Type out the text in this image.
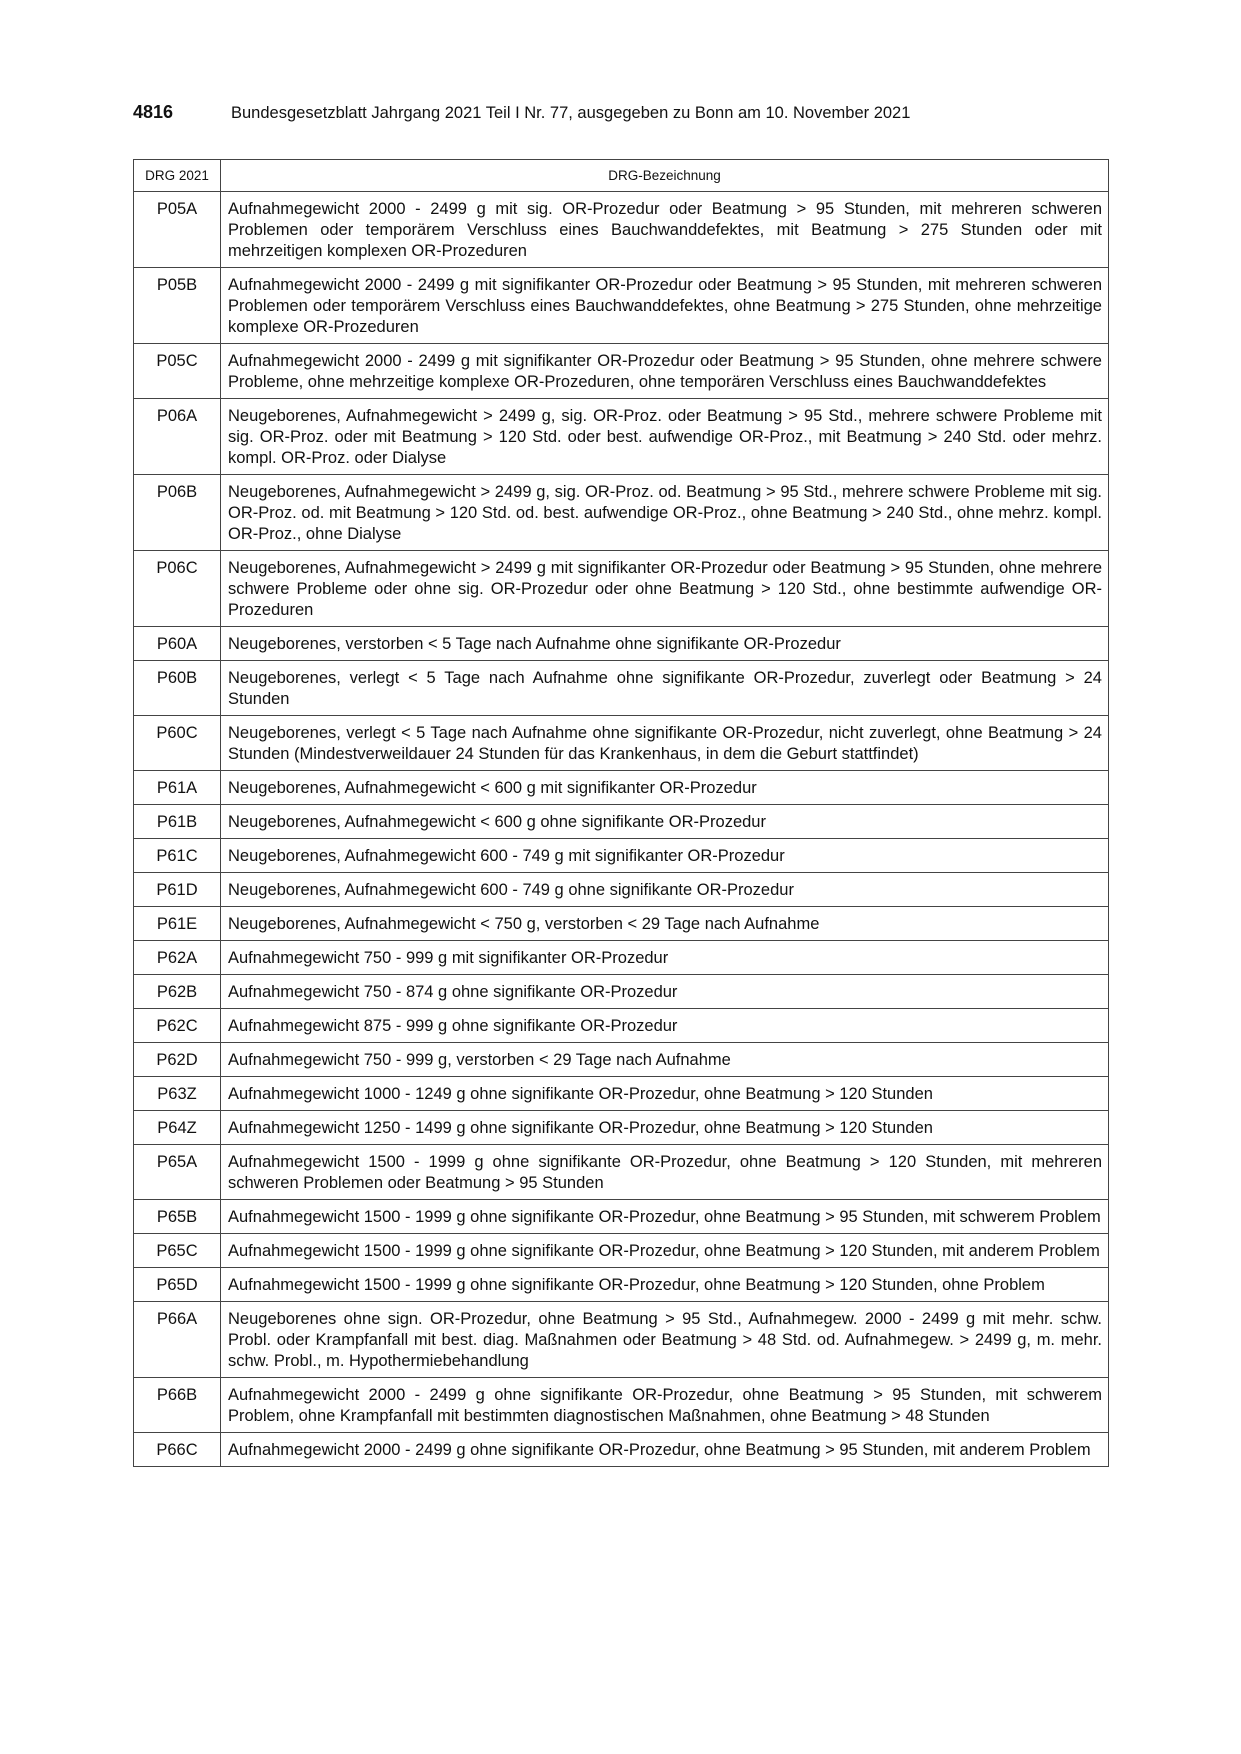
4816	Bundesgesetzblatt Jahrgang 2021 Teil I Nr. 77, ausgegeben zu Bonn am 10. November 2021
DRG 2021	DRG-Bezeichnung
P05A	Aufnahmegewicht 2000 - 2499 g mit sig. OR-Prozedur oder Beatmung > 95 Stunden, mit mehreren schweren Problemen oder temporärem Verschluss eines Bauchwanddefektes, mit Beatmung > 275 Stunden oder mit mehrzeitigen komplexen OR-Prozeduren
P05B	Aufnahmegewicht 2000 - 2499 g mit signifikanter OR-Prozedur oder Beatmung > 95 Stunden, mit mehreren schweren Problemen oder temporärem Verschluss eines Bauchwanddefektes, ohne Beatmung > 275 Stunden, ohne mehrzeitige komplexe OR-Prozeduren
P05C	Aufnahmegewicht 2000 - 2499 g mit signifikanter OR-Prozedur oder Beatmung > 95 Stunden, ohne mehrere schwere Probleme, ohne mehrzeitige komplexe OR-Prozeduren, ohne temporären Verschluss eines Bauchwanddefektes
P06A	Neugeborenes, Aufnahmegewicht > 2499 g, sig. OR-Proz. oder Beatmung > 95 Std., mehrere schwere Probleme mit sig. OR-Proz. oder mit Beatmung > 120 Std. oder best. aufwendige OR-Proz., mit Beatmung > 240 Std. oder mehrz. kompl. OR-Proz. oder Dialyse
P06B	Neugeborenes, Aufnahmegewicht > 2499 g, sig. OR-Proz. od. Beatmung > 95 Std., mehrere schwere Probleme mit sig. OR-Proz. od. mit Beatmung > 120 Std. od. best. aufwendige OR-Proz., ohne Beatmung > 240 Std., ohne mehrz. kompl. OR-Proz., ohne Dialyse
P06C	Neugeborenes, Aufnahmegewicht > 2499 g mit signifikanter OR-Prozedur oder Beatmung > 95 Stunden, ohne mehrere schwere Probleme oder ohne sig. OR-Prozedur oder ohne Beatmung > 120 Std., ohne bestimmte aufwendige OR-Prozeduren
P60A	Neugeborenes, verstorben < 5 Tage nach Aufnahme ohne signifikante OR-Prozedur
P60B	Neugeborenes, verlegt < 5 Tage nach Aufnahme ohne signifikante OR-Prozedur, zuverlegt oder Beatmung > 24 Stunden
P60C	Neugeborenes, verlegt < 5 Tage nach Aufnahme ohne signifikante OR-Prozedur, nicht zuverlegt, ohne Beatmung > 24 Stunden (Mindestverweildauer 24 Stunden für das Krankenhaus, in dem die Geburt stattfindet)
P61A	Neugeborenes, Aufnahmegewicht < 600 g mit signifikanter OR-Prozedur
P61B	Neugeborenes, Aufnahmegewicht < 600 g ohne signifikante OR-Prozedur
P61C	Neugeborenes, Aufnahmegewicht 600 - 749 g mit signifikanter OR-Prozedur
P61D	Neugeborenes, Aufnahmegewicht 600 - 749 g ohne signifikante OR-Prozedur
P61E	Neugeborenes, Aufnahmegewicht < 750 g, verstorben < 29 Tage nach Aufnahme
P62A	Aufnahmegewicht 750 - 999 g mit signifikanter OR-Prozedur
P62B	Aufnahmegewicht 750 - 874 g ohne signifikante OR-Prozedur
P62C	Aufnahmegewicht 875 - 999 g ohne signifikante OR-Prozedur
P62D	Aufnahmegewicht 750 - 999 g, verstorben < 29 Tage nach Aufnahme
P63Z	Aufnahmegewicht 1000 - 1249 g ohne signifikante OR-Prozedur, ohne Beatmung > 120 Stunden
P64Z	Aufnahmegewicht 1250 - 1499 g ohne signifikante OR-Prozedur, ohne Beatmung > 120 Stunden
P65A	Aufnahmegewicht 1500 - 1999 g ohne signifikante OR-Prozedur, ohne Beatmung > 120 Stunden, mit mehreren schweren Problemen oder Beatmung > 95 Stunden
P65B	Aufnahmegewicht 1500 - 1999 g ohne signifikante OR-Prozedur, ohne Beatmung > 95 Stunden, mit schwerem Problem
P65C	Aufnahmegewicht 1500 - 1999 g ohne signifikante OR-Prozedur, ohne Beatmung > 120 Stunden, mit anderem Problem
P65D	Aufnahmegewicht 1500 - 1999 g ohne signifikante OR-Prozedur, ohne Beatmung > 120 Stunden, ohne Problem
P66A	Neugeborenes ohne sign. OR-Prozedur, ohne Beatmung > 95 Std., Aufnahmegew. 2000 - 2499 g mit mehr. schw. Probl. oder Krampfanfall mit best. diag. Maßnahmen oder Beatmung > 48 Std. od. Aufnahmegew. > 2499 g, m. mehr. schw. Probl., m. Hypothermiebehandlung
P66B	Aufnahmegewicht 2000 - 2499 g ohne signifikante OR-Prozedur, ohne Beatmung > 95 Stunden, mit schwerem Problem, ohne Krampfanfall mit bestimmten diagnostischen Maßnahmen, ohne Beatmung > 48 Stunden
P66C	Aufnahmegewicht 2000 - 2499 g ohne signifikante OR-Prozedur, ohne Beatmung > 95 Stunden, mit anderem Problem
